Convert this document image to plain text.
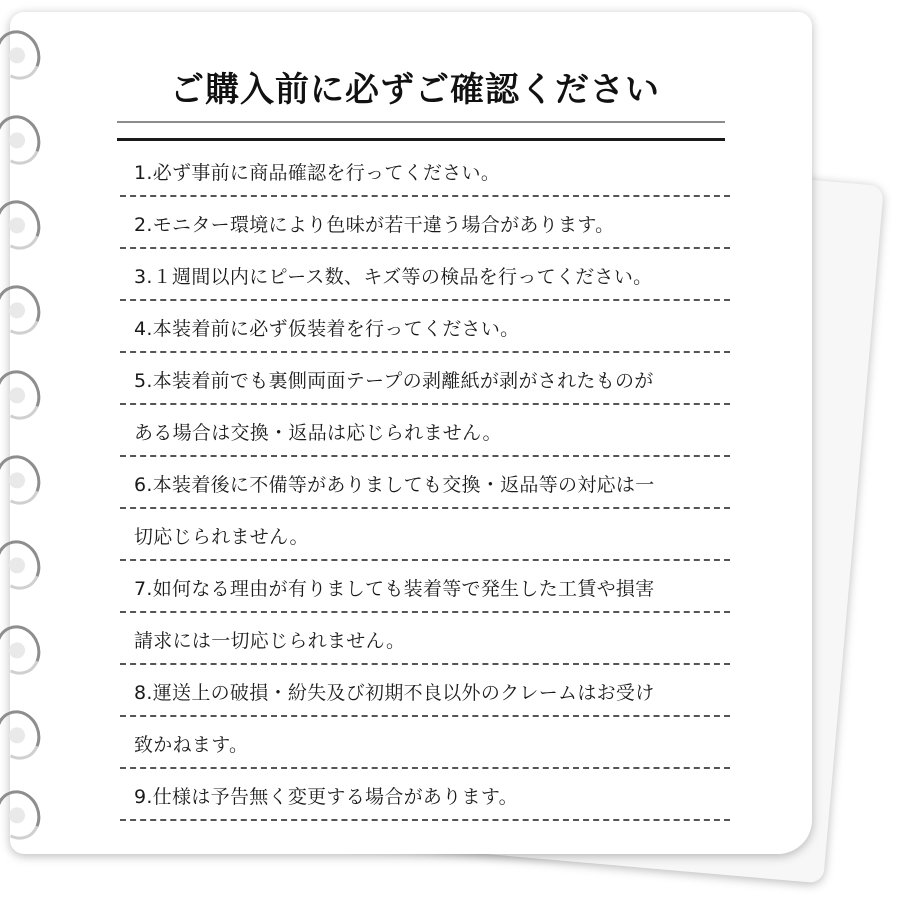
ご購入前に必ずご確認ください
1.必ず事前に商品確認を行ってください。
2.モニター環境により色味が若干違う場合があります。
3.１週間以内にピース数、キズ等の検品を行ってください。
4.本装着前に必ず仮装着を行ってください。
5.本装着前でも裏側両面テープの剥離紙が剥がされたものが
ある場合は交換・返品は応じられません。
6.本装着後に不備等がありましても交換・返品等の対応は一
切応じられません。
7.如何なる理由が有りましても装着等で発生した工賃や損害
請求には一切応じられません。
8.運送上の破損・紛失及び初期不良以外のクレームはお受け
致かねます。
9.仕様は予告無く変更する場合があります。
